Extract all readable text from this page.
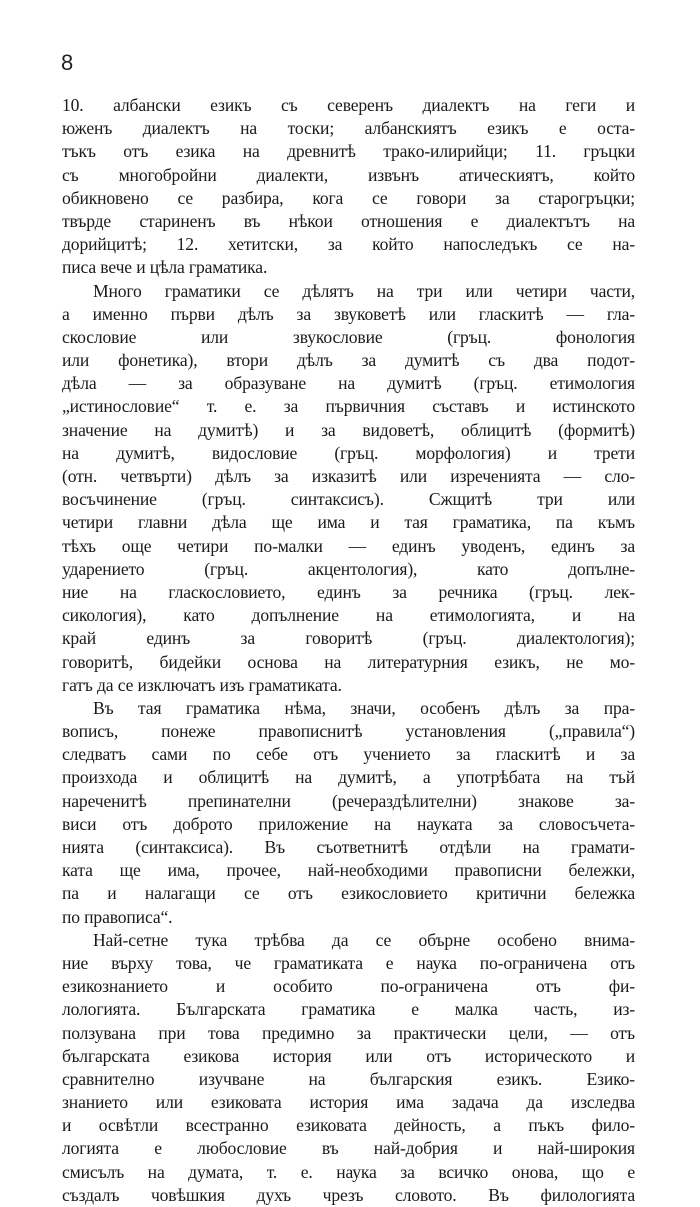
8
10. албански езикъ съ северенъ диалектъ на геги и
юженъ диалектъ на тоски; албанскиятъ езикъ е оста-
тъкъ отъ езика на древнитѣ тракo-илирийци; 11. гръцки
съ многобройни диалекти, извънъ атическиятъ, който
обикновено се разбира, кога се говори за старогръцки;
твърде стариненъ въ нѣкои отношения е диалектътъ на
дорийцитѣ; 12. хетитски, за който напоследъкъ се на-
писа вече и цѣла граматика.
Много граматики се дѣлятъ на три или четири части,
а именно първи дѣлъ за звуковетѣ или гласкитѣ — гла-
скословие или звукословие (гръц. фонология
или фонетика), втори дѣлъ за думитѣ съ два подот-
дѣла — за образуване на думитѣ (гръц. етимология
„истинословие“ т. е. за първичния съставъ и истинското
значение на думитѣ) и за видоветѣ, облицитѣ (формитѣ)
на думитѣ, видословие (гръц. морфология) и трети
(отн. четвърти) дѣлъ за изказитѣ или изреченията — сло-
восъчинение (гръц. синтаксисъ). Сжщитѣ три или
четири главни дѣла ще има и тая граматика, па къмъ
тѣхъ още четири по-малки — единъ уводенъ, единъ за
ударението (гръц. акцентология), като допълне-
ние на гласкословието, единъ за речника (гръц. лек-
сикология), като допълнение на етимологията, и на
край единъ за говоритѣ (гръц. диалектология);
говоритѣ, бидейки основа на литературния езикъ, не мо-
гатъ да се изключатъ изъ граматиката.
Въ тая граматика нѣма, значи, особенъ дѣлъ за пра-
вописъ, понеже правописнитѣ установления („правила“)
следватъ сами по себе отъ учението за гласкитѣ и за
произхода и облицитѣ на думитѣ, а употрѣбата на тъй
наречeнитѣ препинателни (речераздѣлителни) знакове за-
виси отъ доброто приложение на науката за словосъчета-
нията (синтаксиса). Въ съответнитѣ отдѣли на грамати-
ката ще има, прочее, най-необходими правописни бележки,
па и налагащи се отъ езикословието критични бележка
по правописа“.
Най-сетне тука трѣбва да се обърне особено внима-
ние върху това, че граматиката е наука по-ограничена отъ
езикознанието и особито по-ограничена отъ фи-
лологията. Българската граматика е малка часть, из-
ползувана при това предимно за практически цели, — отъ
българската езикова история или отъ историческото и
сравнително изучване на българския езикъ. Езико-
знанието или езиковата история има задача да изследва
и освѣтли всестранно езиковата дейность, а пъкъ фило-
логията е любословие въ най-добрия и най-широкия
смисълъ на думата, т. е. наука за всичко онова, що е
създалъ човѣшкия духъ чрезъ словото. Въ филологията
